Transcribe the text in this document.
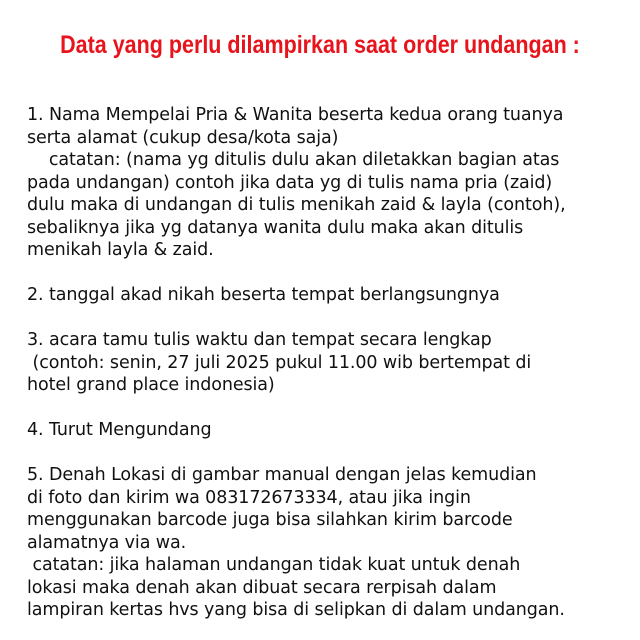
Data yang perlu dilampirkan saat order undangan :
1. Nama Mempelai Pria & Wanita beserta kedua orang tuanya
serta alamat (cukup desa/kota saja)
catatan: (nama yg ditulis dulu akan diletakkan bagian atas
pada undangan) contoh jika data yg di tulis nama pria (zaid)
dulu maka di undangan di tulis menikah zaid & layla (contoh),
sebaliknya jika yg datanya wanita dulu maka akan ditulis
menikah layla & zaid.
2. tanggal akad nikah beserta tempat berlangsungnya
3. acara tamu tulis waktu dan tempat secara lengkap
(contoh: senin, 27 juli 2025 pukul 11.00 wib bertempat di
hotel grand place indonesia)
4. Turut Mengundang
5. Denah Lokasi di gambar manual dengan jelas kemudian
di foto dan kirim wa 083172673334, atau jika ingin
menggunakan barcode juga bisa silahkan kirim barcode
alamatnya via wa.
catatan: jika halaman undangan tidak kuat untuk denah
lokasi maka denah akan dibuat secara rerpisah dalam
lampiran kertas hvs yang bisa di selipkan di dalam undangan.
